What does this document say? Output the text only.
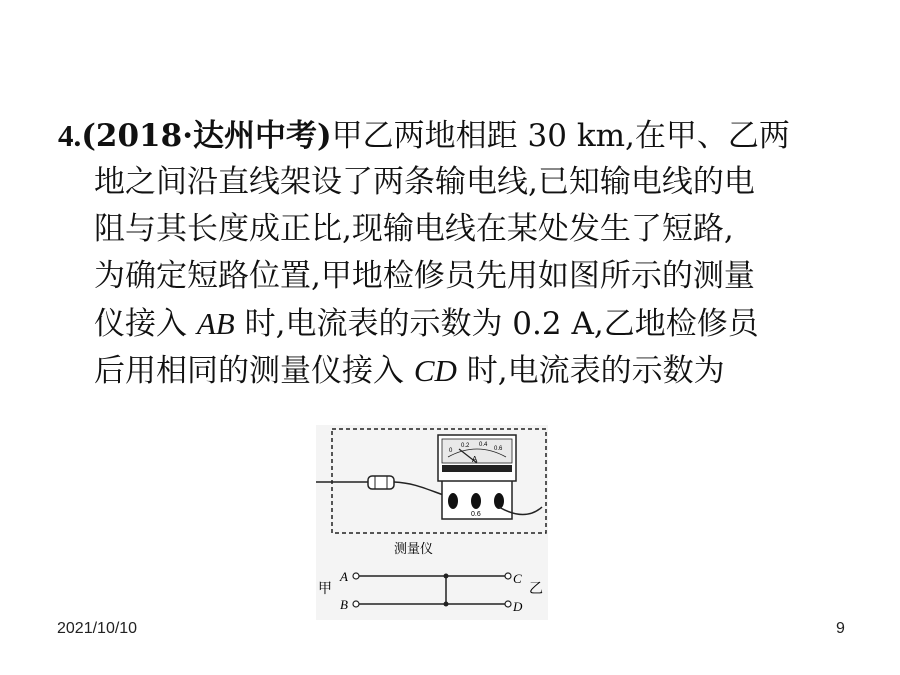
4.(2018·达州中考)甲乙两地相距 30 km,在甲、乙两
地之间沿直线架设了两条输电线,已知输电线的电
阻与其长度成正比,现输电线在某处发生了短路,
为确定短路位置,甲地检修员先用如图所示的测量
仪接入 AB 时,电流表的示数为 0.2 A,乙地检修员
后用相同的测量仪接入 CD 时,电流表的示数为
0
0.2 0.4
0.6
A
0.6
测量仪
甲	乙
A
B
C
D
2021/10/10	9
